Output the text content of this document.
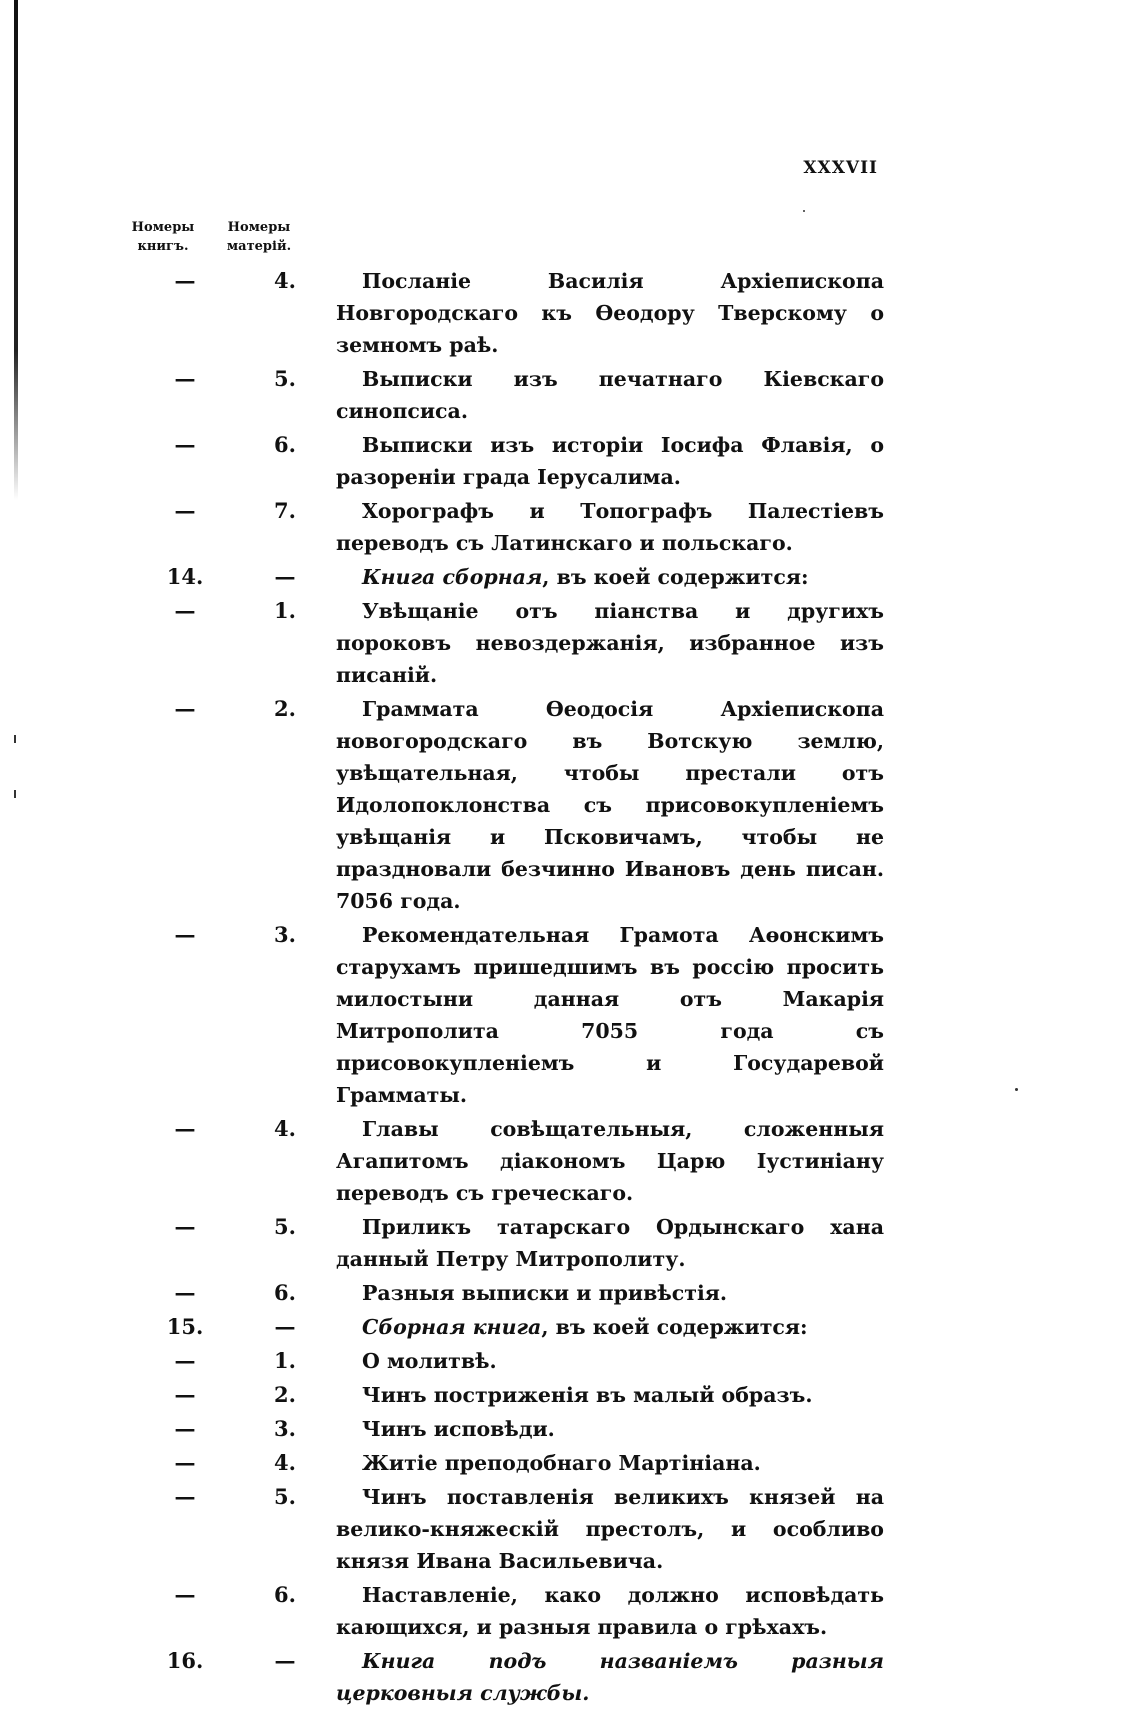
XXXVII
Номеры
книгъ.
Номеры
матерій.
—	4.	Посланіе Василія Архіепископа Новгородскаго къ Өеодору Тверскому о земномъ раѣ.
—	5.	Выписки изъ печатнаго Кіевскаго синопсиса.
—	6.	Выписки изъ исторіи Іосифа Флавія, о разореніи града Іерусалима.
—	7.	Хорографъ и Топографъ Палестіевъ переводъ съ Латинскаго и польскаго.
14.	—	Книга сборная, въ коей содержится:
—	1.	Увѣщаніе отъ піанства и другихъ пороковъ невоздержанія, избранное изъ писаній.
—	2.	Граммата Өеодосія Архіепископа новогородскаго въ Вотскую землю, увѣщательная, чтобы престали отъ Идолопоклонства съ присовокупленіемъ увѣщанія и Псковичамъ, чтобы не праздновали безчинно Ивановъ день писан. 7056 года.
—	3.	Рекомендательная Грамота Аөонскимъ старухамъ пришедшимъ въ россію просить милостыни данная отъ Макарія Митрополита 7055 года съ присовокупленіемъ и Государевой Грамматы.
—	4.	Главы совѣщательныя, сложенныя Агапитомъ діакономъ Царю Іустиніану переводъ съ греческаго.
—	5.	Приликъ татарскаго Ордынскаго хана данный Петру Митрополиту.
—	6.	Разныя выписки и привѣстія.
15.	—	Сборная книга, въ коей содержится:
—	1.	О молитвѣ.
—	2.	Чинъ постриженія въ малый образъ.
—	3.	Чинъ исповѣди.
—	4.	Житіе преподобнаго Мартініана.
—	5.	Чинъ поставленія великихъ князей на велико-княжескій престолъ, и особливо князя Ивана Васильевича.
—	6.	Наставленіе, како должно исповѣдать кающихся, и разныя правила о грѣхахъ.
16.	—	Книга подъ названіемъ разныя церковныя службы.
